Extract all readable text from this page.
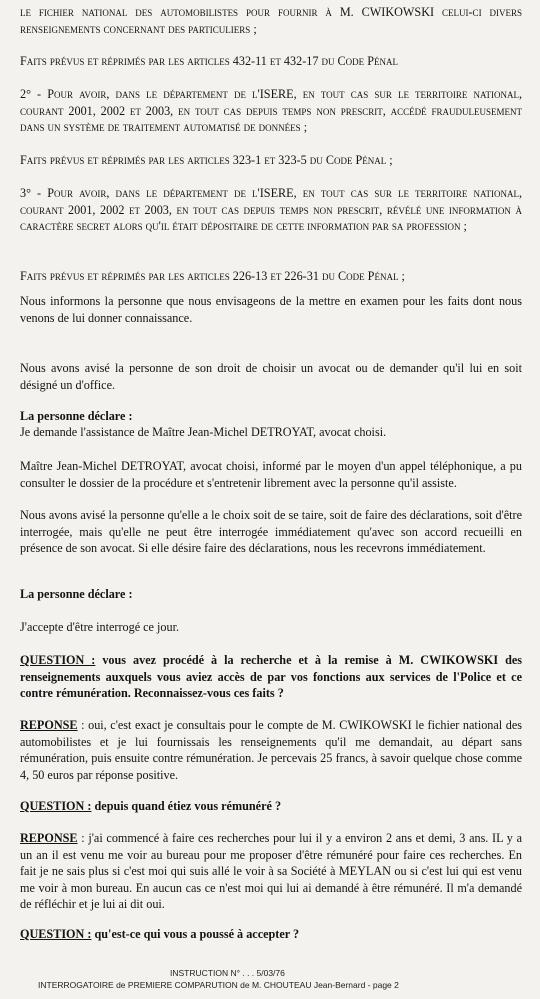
le fichier national des automobilistes pour fournir à M. CWIKOWSKI celui-ci divers renseignements concernant des particuliers ;

Faits prévus et réprimés par les articles 432-11 et 432-17 du Code Pénal

2° - Pour avoir, dans le département de l'ISERE, en tout cas sur le territoire national, courant 2001, 2002 et 2003, en tout cas depuis temps non prescrit, accédé frauduleusement dans un système de traitement automatisé de données ;

Faits prévus et réprimés par les articles 323-1 et 323-5 du Code Pénal ;

3° - Pour avoir, dans le département de l'ISERE, en tout cas sur le territoire national, courant 2001, 2002 et 2003, en tout cas depuis temps non prescrit, révélé une information à caractère secret alors qu'il était dépositaire de cette information par sa profession ;

Faits prévus et réprimés par les articles 226-13 et 226-31 du Code Pénal ;

Nous informons la personne que nous envisageons de la mettre en examen pour les faits dont nous venons de lui donner connaissance.

Nous avons avisé la personne de son droit de choisir un avocat ou de demander qu'il lui en soit désigné un d'office.

La personne déclare :

Je demande l'assistance de Maître Jean-Michel DETROYAT, avocat choisi.

Maître Jean-Michel DETROYAT, avocat choisi, informé par le moyen d'un appel téléphonique, a pu consulter le dossier de la procédure et s'entretenir librement avec la personne qu'il assiste.

Nous avons avisé la personne qu'elle a le choix soit de se taire, soit de faire des déclarations, soit d'être interrogée, mais qu'elle ne peut être interrogée immédiatement qu'avec son accord recueilli en présence de son avocat. Si elle désire faire des déclarations, nous les recevrons immédiatement.

La personne déclare :

J'accepte d'être interrogé ce jour.

QUESTION : vous avez procédé à la recherche et à la remise à M. CWIKOWSKI des renseignements auxquels vous aviez accès de par vos fonctions aux services de l'Police et ce contre rémunération. Reconnaissez-vous ces faits ?

REPONSE : oui, c'est exact je consultais pour le compte de M. CWIKOWSKI le fichier national des automobilistes et je lui fournissais les renseignements qu'il me demandait, au départ sans rémunération, puis ensuite contre rémunération. Je percevais 25 francs, à savoir quelque chose comme 4, 50 euros par réponse positive.

QUESTION : depuis quand étiez vous rémunéré ?

REPONSE : j'ai commencé à faire ces recherches pour lui il y a environ 2 ans et demi, 3 ans. IL y a un an il est venu me voir au bureau pour me proposer d'être rémunéré pour faire ces recherches. En fait je ne sais plus si c'est moi qui suis allé le voir à sa Société à MEYLAN ou si c'est lui qui est venu me voir à mon bureau. En aucun cas ce n'est moi qui lui ai demandé à être rémunéré. Il m'a demandé de réfléchir et je lui ai dit oui.

QUESTION : qu'est-ce qui vous a poussé à accepter ?

INSTRUCTION N° . . . 5/03/76

INTERROGATOIRE de PREMIERE COMPARUTION de M. CHOUTEAU Jean-Bernard - page 2
